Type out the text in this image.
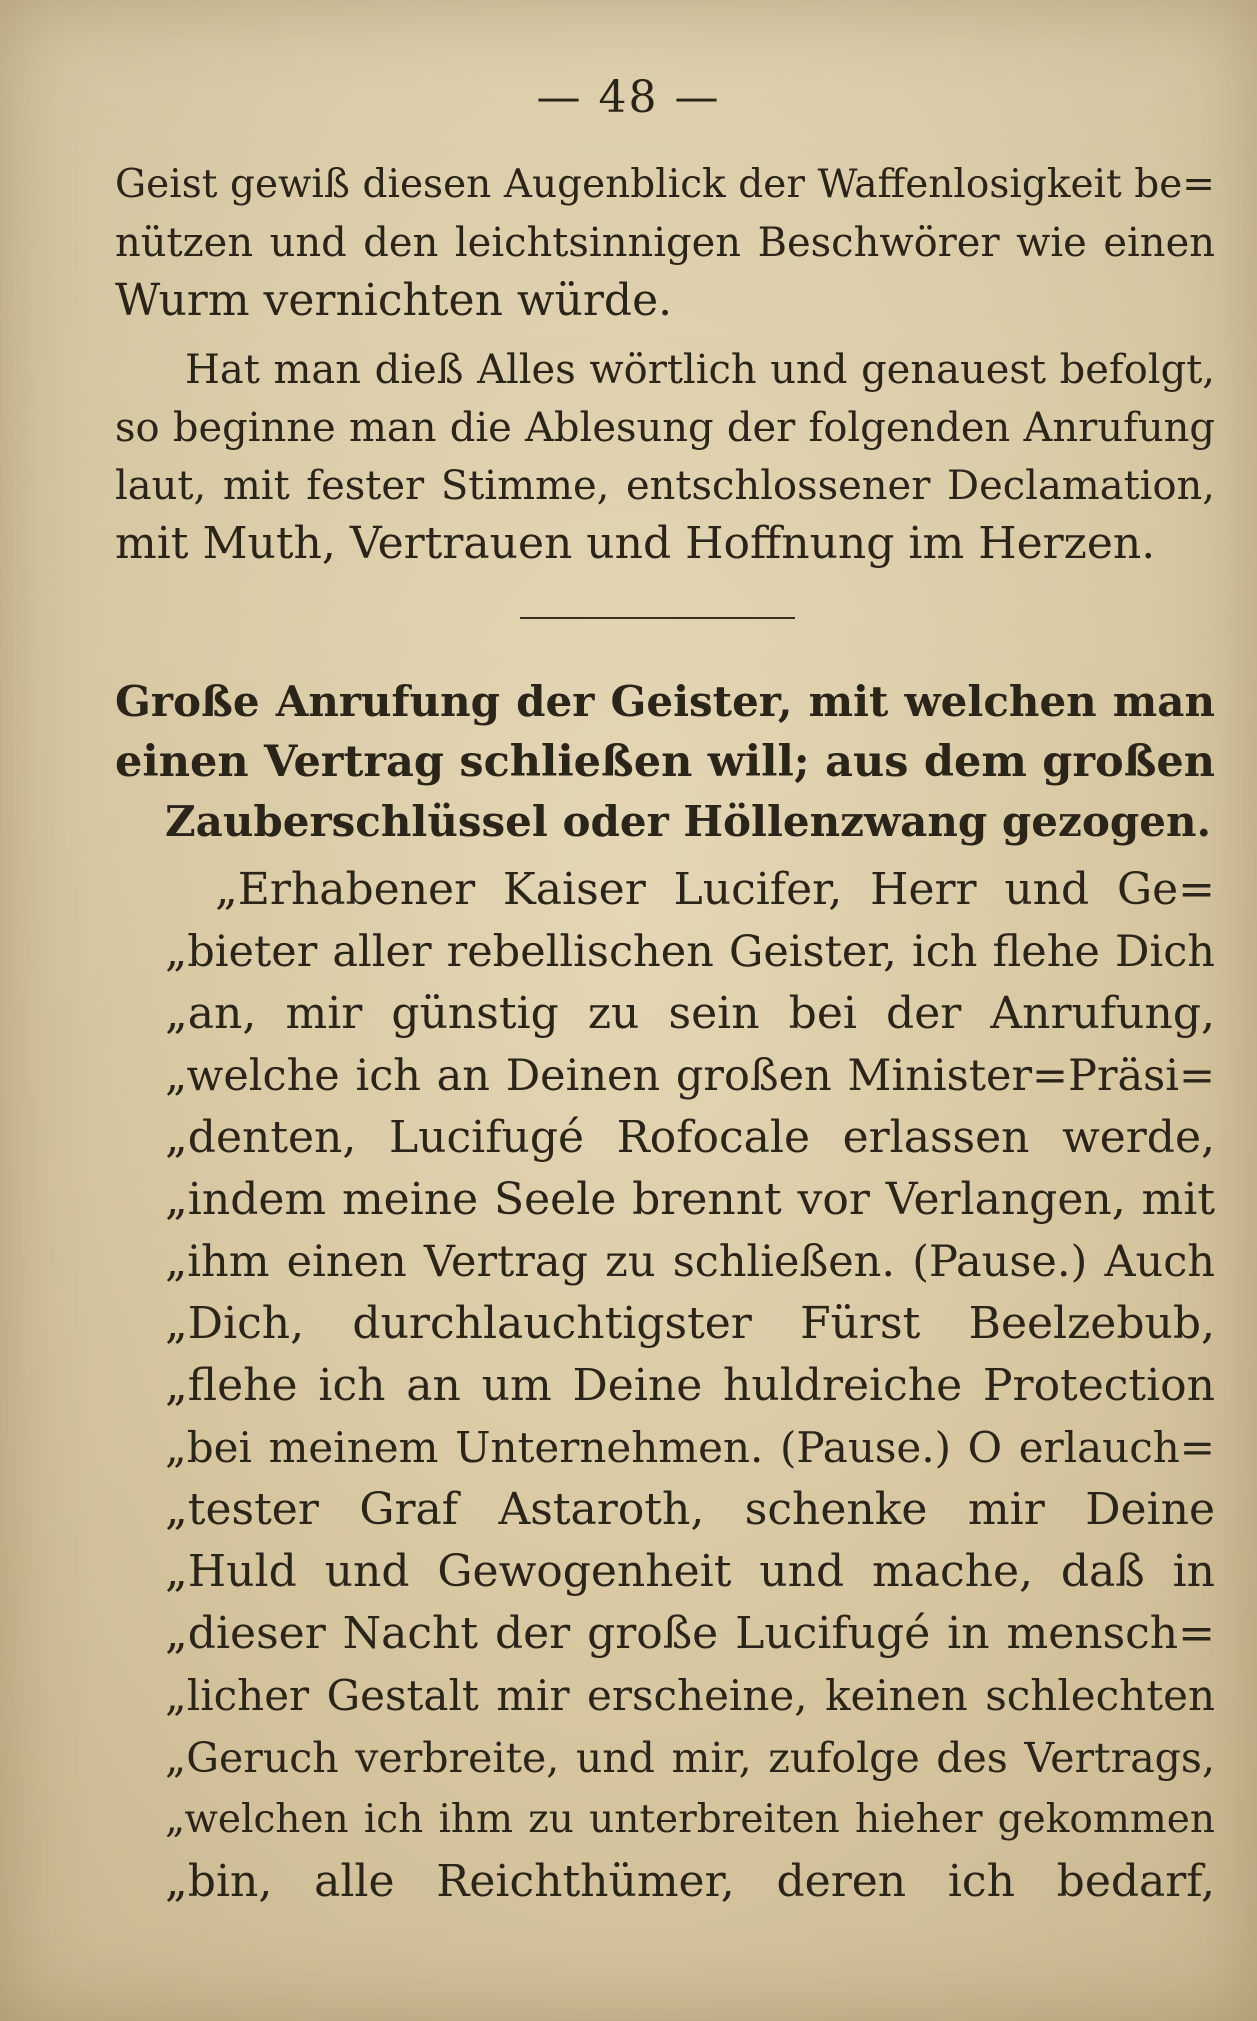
— 48 —
Geist gewiß diesen Augenblick der Waffenlosigkeit be=
nützen und den leichtsinnigen Beschwörer wie einen
Wurm vernichten würde.
Hat man dieß Alles wörtlich und genauest befolgt,
so beginne man die Ablesung der folgenden Anrufung
laut, mit fester Stimme, entschlossener Declamation,
mit Muth, Vertrauen und Hoffnung im Herzen.
Große Anrufung der Geister, mit welchen man
einen Vertrag schließen will; aus dem großen
Zauberschlüssel oder Höllenzwang gezogen.
„Erhabener Kaiser Lucifer, Herr und Ge=
„bieter aller rebellischen Geister, ich flehe Dich
„an, mir günstig zu sein bei der Anrufung,
„welche ich an Deinen großen Minister=Präsi=
„denten, Lucifugé Rofocale erlassen werde,
„indem meine Seele brennt vor Verlangen, mit
„ihm einen Vertrag zu schließen. (Pause.) Auch
„Dich, durchlauchtigster Fürst Beelzebub,
„flehe ich an um Deine huldreiche Protection
„bei meinem Unternehmen. (Pause.) O erlauch=
„tester Graf Astaroth, schenke mir Deine
„Huld und Gewogenheit und mache, daß in
„dieser Nacht der große Lucifugé in mensch=
„licher Gestalt mir erscheine, keinen schlechten
„Geruch verbreite, und mir, zufolge des Vertrags,
„welchen ich ihm zu unterbreiten hieher gekommen
„bin, alle Reichthümer, deren ich bedarf,
